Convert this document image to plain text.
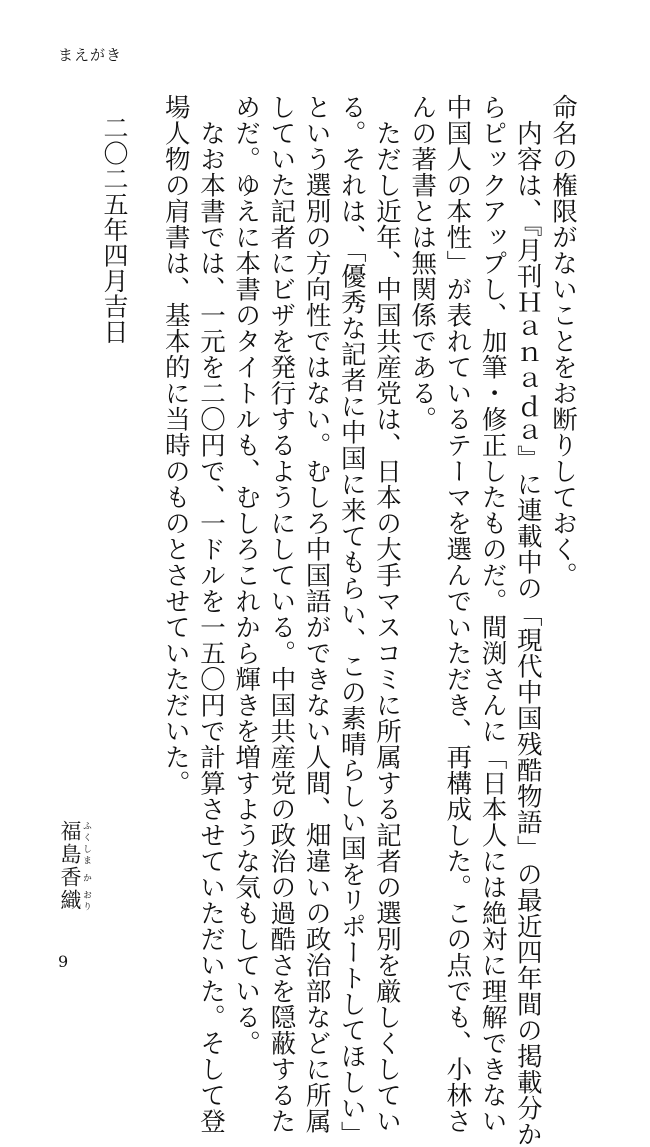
まえがき
命名の権限がないことをお断りしておく。
　内容は、『月刊Ｈａｎａｄａ』に連載中の「現代中国残酷物語」の最近四年間の掲載分か
らピックアップし、加筆・修正したものだ。間渕さんに「日本人には絶対に理解できない
中国人の本性」が表れているテーマを選んでいただき、再構成した。この点でも、小林さ
んの著書とは無関係である。
　ただし近年、中国共産党は、日本の大手マスコミに所属する記者の選別を厳しくしてい
る。それは、「優秀な記者に中国に来てもらい、この素晴らしい国をリポートしてほしい」
という選別の方向性ではない。むしろ中国語ができない人間、畑違いの政治部などに所属
していた記者にビザを発行するようにしている。中国共産党の政治の過酷さを隠蔽するた
めだ。ゆえに本書のタイトルも、むしろこれから輝きを増すような気もしている。
　なお本書では、一元を二〇円で、一ドルを一五〇円で計算させていただいた。そして登
場人物の肩書は、基本的に当時のものとさせていただいた。
二〇二五年四月吉日
福 ふく島 しま香 か織 おり
9
